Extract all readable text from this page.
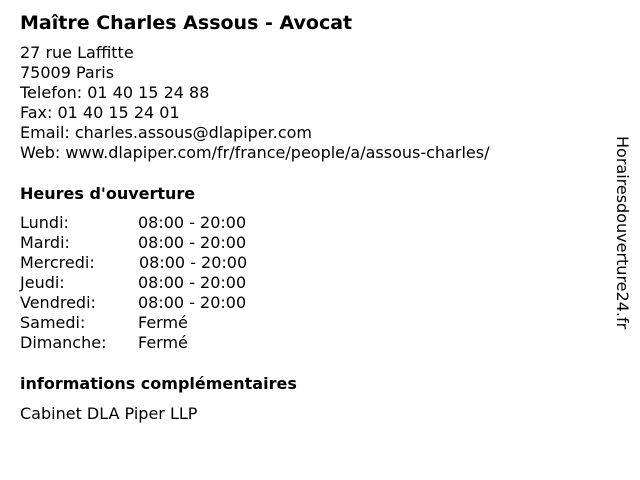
Maître Charles Assous - Avocat
27 rue Laffitte
75009 Paris
Telefon: 01 40 15 24 88
Fax: 01 40 15 24 01
Email: charles.assous@dlapiper.com
Web: www.dlapiper.com/fr/france/people/a/assous-charles/
Heures d'ouverture
Lundi:	08:00 - 20:00
Mardi:	08:00 - 20:00
Mercredi:	08:00 - 20:00
Jeudi:	08:00 - 20:00
Vendredi:	08:00 - 20:00
Samedi:	Fermé
Dimanche: Fermé
informations complémentaires
Cabinet DLA Piper LLP
Horairesdouverture24.fr
